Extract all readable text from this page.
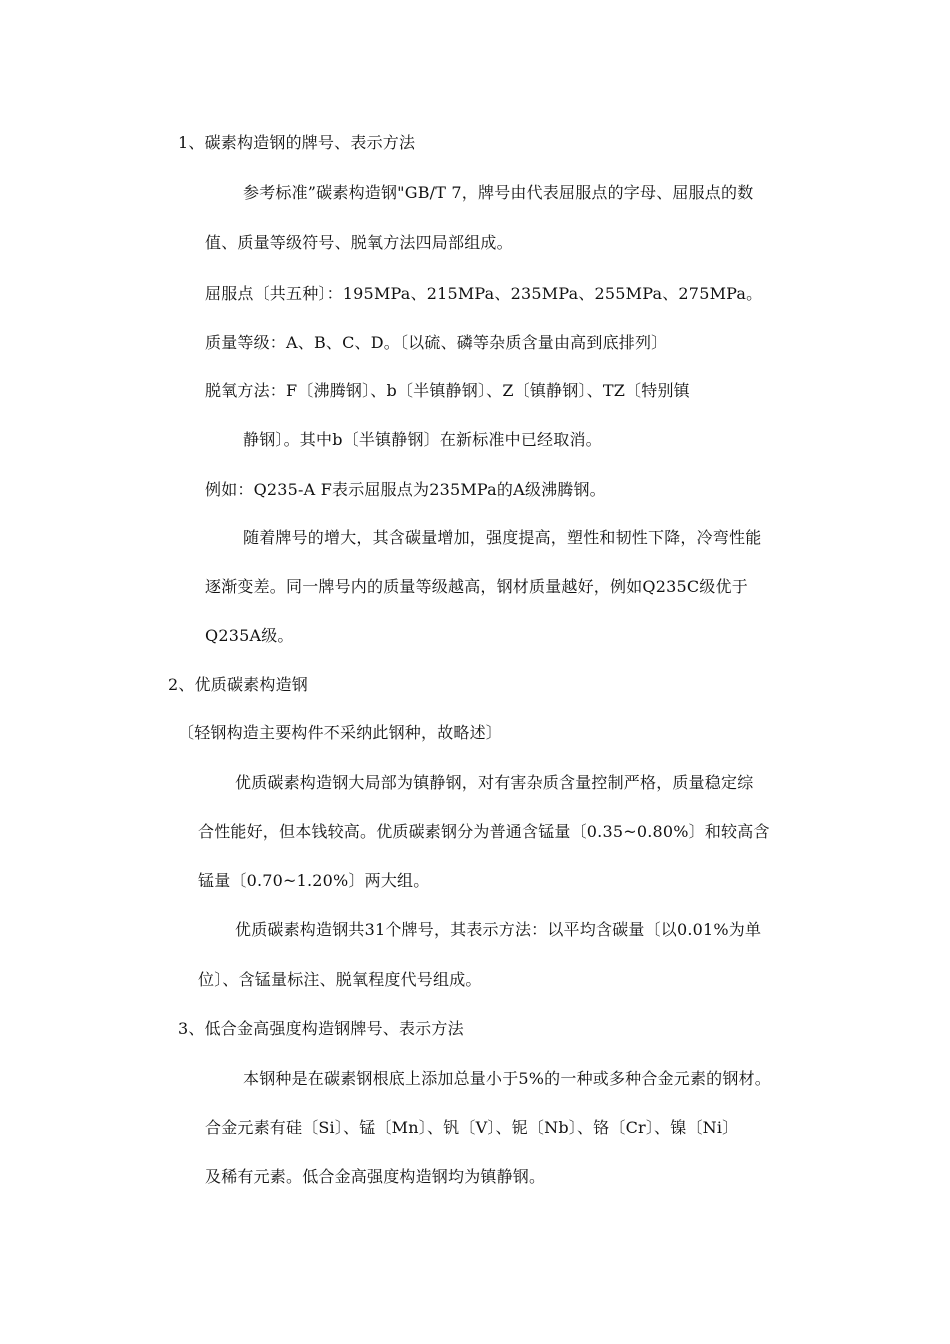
1、碳素构造钢的牌号、表示方法
参考标准”碳素构造钢"GB/T 7，牌号由代表屈服点的字母、屈服点的数
值、质量等级符号、脱氧方法四局部组成。
屈服点〔共五种〕：195MPa、215MPa、235MPa、255MPa、275MPa。
质量等级：A、B、C、D。〔以硫、磷等杂质含量由高到底排列〕
脱氧方法：F〔沸腾钢〕、b〔半镇静钢〕、Z〔镇静钢〕、TZ〔特别镇
静钢〕。其中b〔半镇静钢〕在新标准中已经取消。
例如：Q235-A F表示屈服点为235MPa的A级沸腾钢。
随着牌号的增大，其含碳量增加，强度提高，塑性和韧性下降，冷弯性能
逐渐变差。同一牌号内的质量等级越高，钢材质量越好，例如Q235C级优于
Q235A级。
2、优质碳素构造钢
〔轻钢构造主要构件不采纳此钢种，故略述〕
优质碳素构造钢大局部为镇静钢，对有害杂质含量控制严格，质量稳定综
合性能好，但本钱较高。优质碳素钢分为普通含锰量〔0.35~0.80%〕和较高含
锰量〔0.70~1.20%〕两大组。
优质碳素构造钢共31个牌号，其表示方法：以平均含碳量〔以0.01%为单
位〕、含锰量标注、脱氧程度代号组成。
3、低合金高强度构造钢牌号、表示方法
本钢种是在碳素钢根底上添加总量小于5%的一种或多种合金元素的钢材。
合金元素有硅〔Si〕、锰〔Mn〕、钒〔V〕、铌〔Nb〕、铬〔Cr〕、镍〔Ni〕
及稀有元素。低合金高强度构造钢均为镇静钢。
